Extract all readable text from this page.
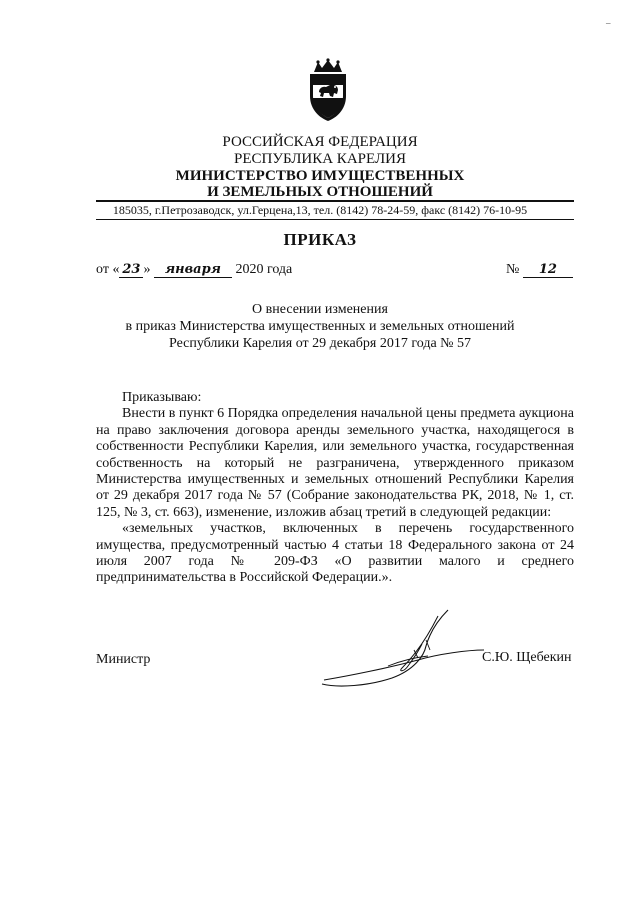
–
РОССИЙСКАЯ ФЕДЕРАЦИЯ
РЕСПУБЛИКА КАРЕЛИЯ
МИНИСТЕРСТВО ИМУЩЕСТВЕННЫХ
И ЗЕМЕЛЬНЫХ ОТНОШЕНИЙ
185035, г.Петрозаводск, ул.Герцена,13, тел. (8142) 78-24-59, факс (8142) 76-10-95
ПРИКАЗ
от « 23 » января 2020 года	№ 12
О внесении изменения
в приказ Министерства имущественных и земельных отношений
Республики Карелия от 29 декабря 2017 года № 57

Приказываю:

Внести в пункт 6 Порядка определения начальной цены предмета аукциона на право заключения договора аренды земельного участка, находящегося в собственности Республики Карелия, или земельного участка, государственная собственность на который не разграничена, утвержденного приказом Министерства имущественных и земельных отношений Республики Карелия от 29 декабря 2017 года № 57 (Собрание законодательства РК, 2018, № 1, ст. 125, № 3, ст. 663), изменение, изложив абзац третий в следующей редакции:

«земельных участков, включенных в перечень государственного имущества, предусмотренный частью 4 статьи 18 Федерального закона от 24 июля 2007 года № 209-ФЗ «О развитии малого и среднего предпринимательства в Российской Федерации.».

Министр	С.Ю. Щебекин
